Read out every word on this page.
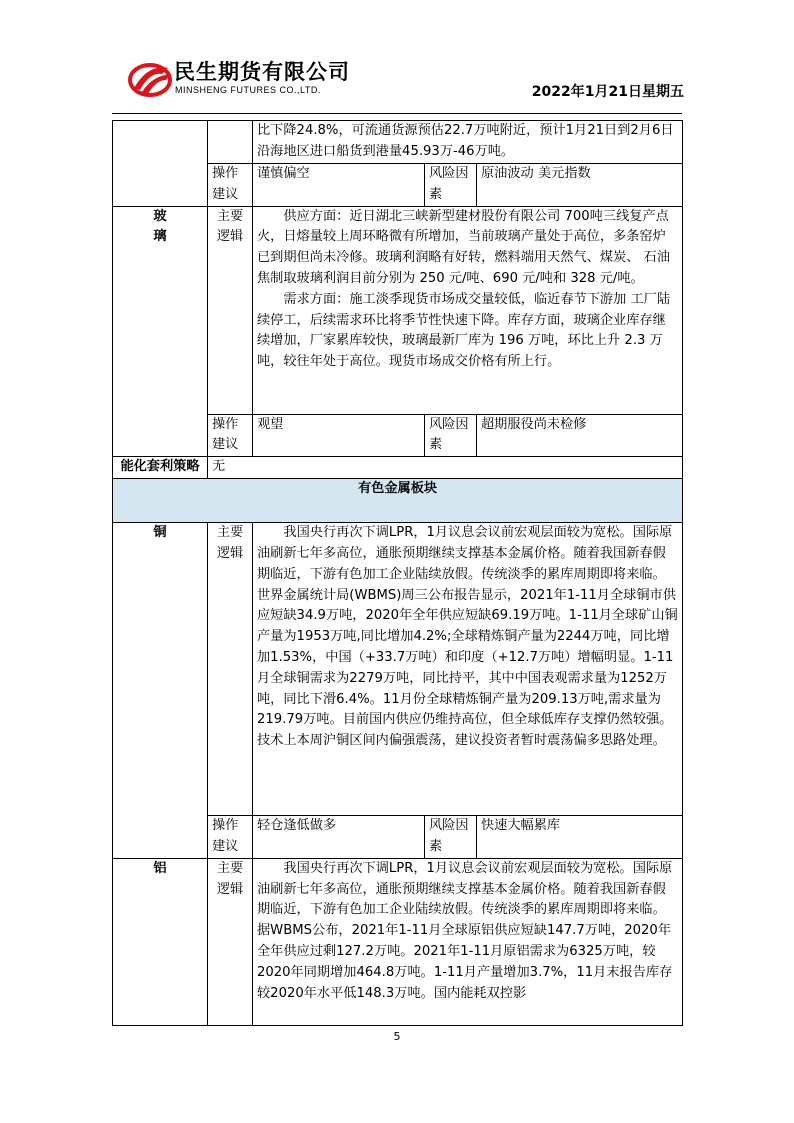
民生期货有限公司
MINSHENG FUTURES CO.,LTD.	2022年1月21日星期五
		比下降24.8%，可流通货源预估22.7万吨附近，预计1月21日到2月6日沿海地区进口船货到港量45.93万-46万吨。		
	操作建议	谨慎偏空	风险因素	原油波动 美元指数

玻璃	主要逻辑	供应方面：近日湖北三峡新型建材股份有限公司 700吨三线复产点火，日熔量较上周环略微有所增加，当前玻璃产量处于高位，多条窑炉已到期但尚未冷修。玻璃利润略有好转，燃料端用天然气、煤炭、 石油焦制取玻璃利润目前分别为 250 元/吨、690 元/吨和 328 元/吨。

需求方面：施工淡季现货市场成交量较低，临近春节下游加 工厂陆续停工，后续需求环比将季节性快速下降。库存方面，玻璃企业库存继续增加，厂家累库较快，玻璃最新厂库为 196 万吨，环比上升 2.3 万 吨，较往年处于高位。现货市场成交价格有所上行。		

	操作建议	观望	风险因素	超期服役尚未检修
能化套利策略	无			
有色金属板块				
铜	主要逻辑	我国央行再次下调LPR，1月议息会议前宏观层面较为宽松。国际原油刷新七年多高位，通胀预期继续支撑基本金属价格。随着我国新春假期临近，下游有色加工企业陆续放假。传统淡季的累库周期即将来临。世界金属统计局(WBMS)周三公布报告显示，2021年1-11月全球铜市供应短缺34.9万吨，2020年全年供应短缺69.19万吨。1-11月全球矿山铜产量为1953万吨,同比增加4.2%;全球精炼铜产量为2244万吨，同比增加1.53%，中国（+33.7万吨）和印度（+12.7万吨）增幅明显。1-11月全球铜需求为2279万吨，同比持平，其中中国表观需求量为1252万吨，同比下滑6.4%。11月份全球精炼铜产量为209.13万吨,需求量为219.79万吨。目前国内供应仍维持高位，但全球低库存支撑仍然较强。技术上本周沪铜区间内偏强震荡，建议投资者暂时震荡偏多思路处理。		

	操作建议	轻仓逢低做多	风险因素	快速大幅累库
铝	主要逻辑	我国央行再次下调LPR，1月议息会议前宏观层面较为宽松。国际原油刷新七年多高位，通胀预期继续支撑基本金属价格。随着我国新春假期临近，下游有色加工企业陆续放假。传统淡季的累库周期即将来临。据WBMS公布，2021年1-11月全球原铝供应短缺147.7万吨，2020年全年供应过剩127.2万吨。2021年1-11月原铝需求为6325万吨，较2020年同期增加464.8万吨。1-11月产量增加3.7%，11月末报告库存较2020年水平低148.3万吨。国内能耗双控影		

5
